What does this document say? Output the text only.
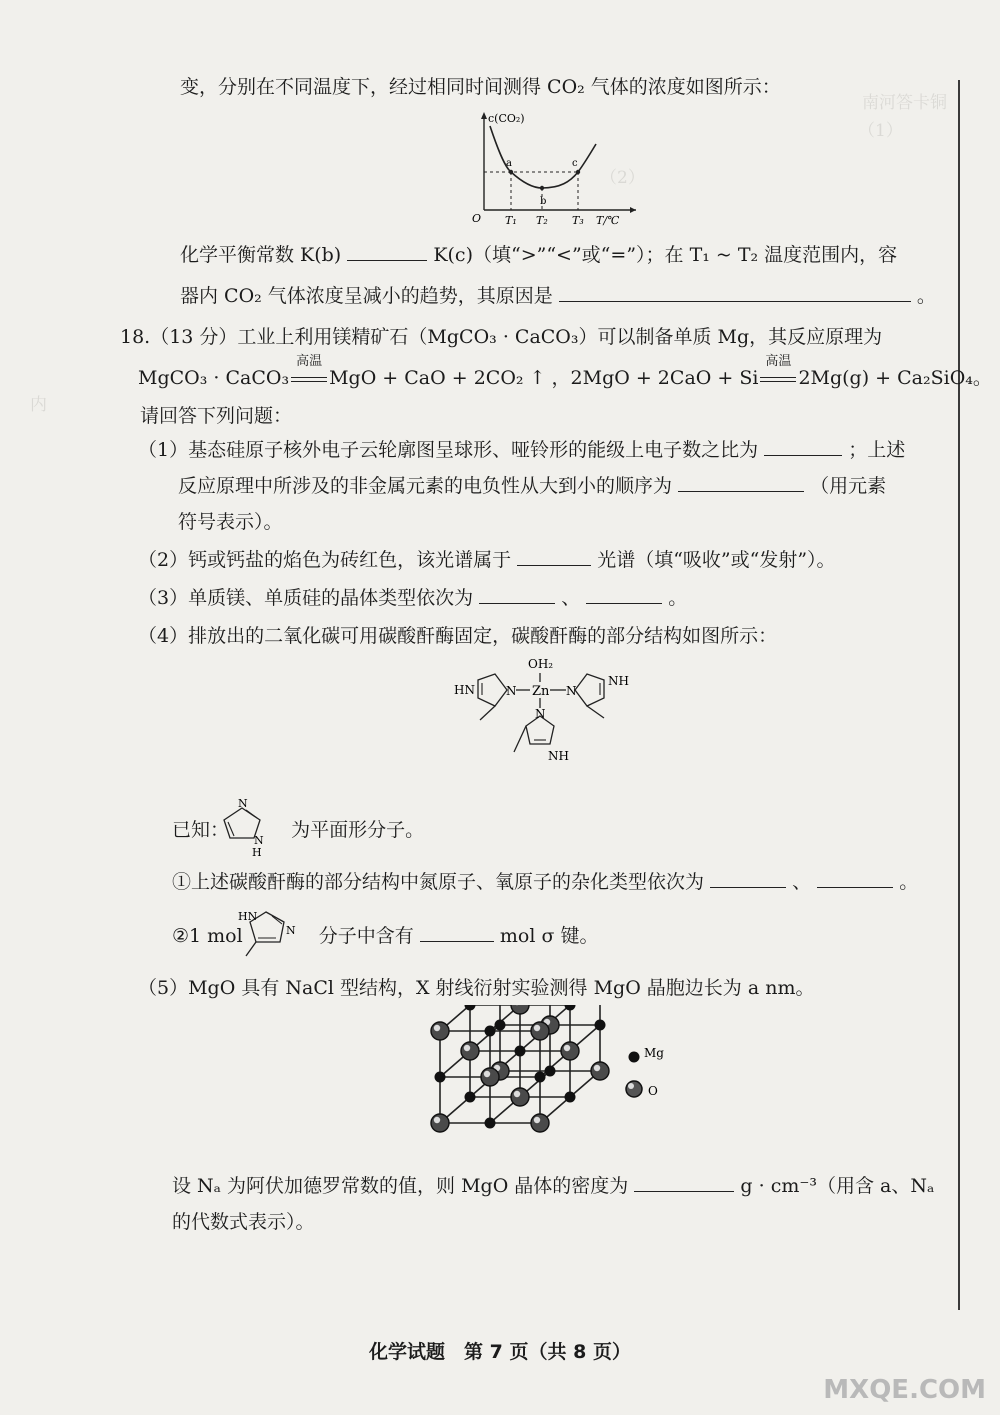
南河答卡铜
（1）
（2）
内
变，分别在不同温度下，经过相同时间测得 CO₂ 气体的浓度如图所示：
c(CO₂)
O T₁ T₂ T₃ T/℃
a
b
c
化学平衡常数 K(b)	K(c)（填“>”“<”或“=”）；在 T₁ ~ T₂ 温度范围内，容
器内 CO₂ 气体浓度呈减小的趋势，其原因是	。
18.（13 分）工业上利用镁精矿石（MgCO₃ · CaCO₃）可以制备单质 Mg，其反应原理为
MgCO₃ · CaCO₃
高温
MgO + CaO + 2CO₂ ↑ ，2MgO + 2CaO + Si
高温
2Mg(g) + Ca₂SiO₄。
请回答下列问题：
（1）基态硅原子核外电子云轮廓图呈球形、哑铃形的能级上电子数之比为	；上述
反应原理中所涉及的非金属元素的电负性从大到小的顺序为	（用元素
符号表示）。
（2）钙或钙盐的焰色为砖红色，该光谱属于	光谱（填“吸收”或“发射”）。
（3）单质镁、单质硅的晶体类型依次为	、	。
（4）排放出的二氧化碳可用碳酸酐酶固定，碳酸酐酶的部分结构如图所示：
OH₂
Zn
N
HN	N
NH
N
NH
已知：	为平面形分子。
N
N
H
①上述碳酸酐酶的部分结构中氮原子、氧原子的杂化类型依次为	、	。
②1 mol	分子中含有	mol σ 键。
HN
N
（5）MgO 具有 NaCl 型结构，X 射线衍射实验测得 MgO 晶胞边长为 a nm。
Mg
O
设 Nₐ 为阿伏加德罗常数的值，则 MgO 晶体的密度为	g · cm⁻³（用含 a、Nₐ
的代数式表示）。
化学试题　第 7 页（共 8 页）
MXQE.COM
